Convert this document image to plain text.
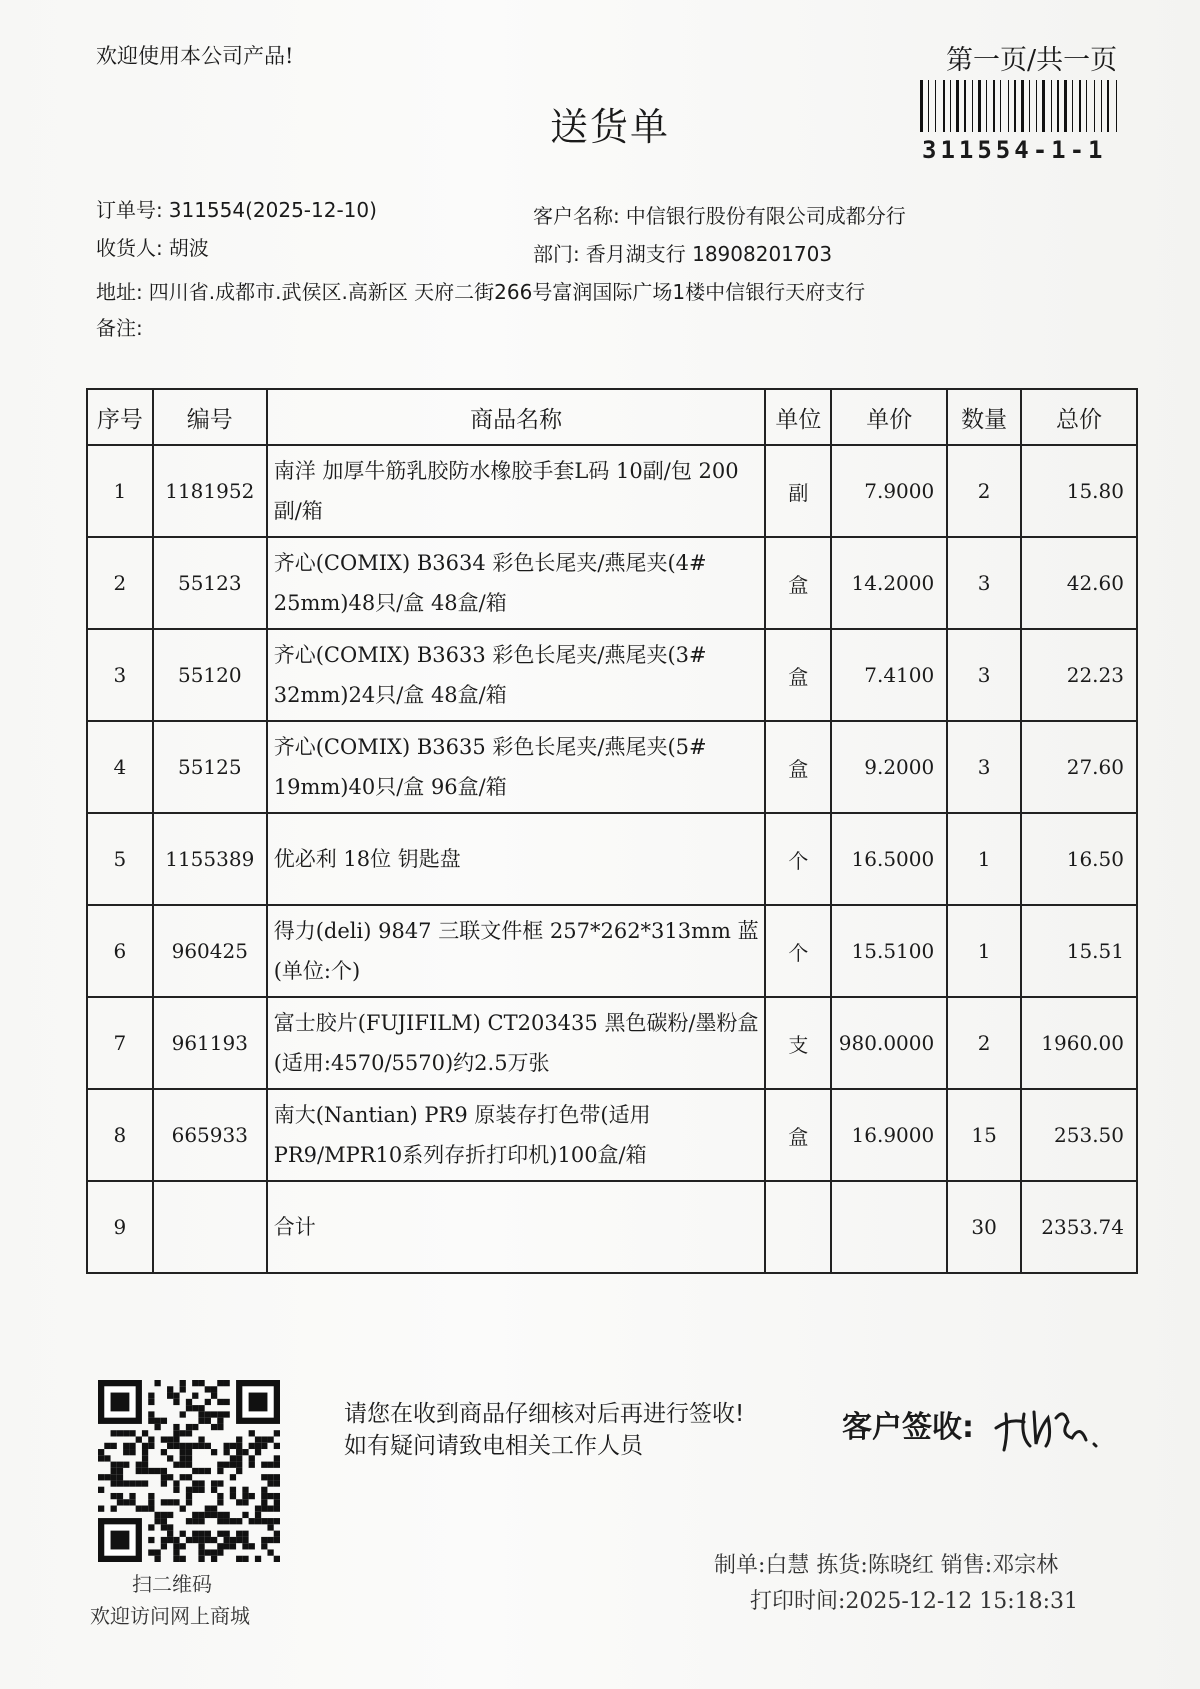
欢迎使用本公司产品!	第一页/共一页
送货单
311554-1-1
订单号: 311554(2025-12-10)	客户名称: 中信银行股份有限公司成都分行
收货人: 胡波	部门: 香月湖支行 18908201703
地址: 四川省.成都市.武侯区.高新区 天府二街266号富润国际广场1楼中信银行天府支行
备注:
序号	编号	商品名称	单位	单价	数量	总价
1	1181952	南洋 加厚牛筋乳胶防水橡胶手套L码 10副/包 200副/箱	副	7.9000	2	15.80
2	55123	齐心(COMIX) B3634 彩色长尾夹/燕尾夹(4# 25mm)48只/盒 48盒/箱	盒	14.2000	3	42.60
3	55120	齐心(COMIX) B3633 彩色长尾夹/燕尾夹(3# 32mm)24只/盒 48盒/箱	盒	7.4100	3	22.23
4	55125	齐心(COMIX) B3635 彩色长尾夹/燕尾夹(5# 19mm)40只/盒 96盒/箱	盒	9.2000	3	27.60
5	1155389	优必利 18位 钥匙盘	个	16.5000	1	16.50
6	960425	得力(deli) 9847 三联文件框 257*262*313mm 蓝(单位:个)	个	15.5100	1	15.51
7	961193	富士胶片(FUJIFILM) CT203435 黑色碳粉/墨粉盒(适用:4570/5570)约2.5万张	支	980.0000	2	1960.00
8	665933	南大(Nantian) PR9 原装存打色带(适用PR9/MPR10系列存折打印机)100盒/箱	盒	16.9000	15	253.50
9		合计			30	2353.74
扫二维码
欢迎访问网上商城
请您在收到商品仔细核对后再进行签收!如有疑问请致电相关工作人员
客户签收:
制单:白慧 拣货:陈晓红 销售:邓宗林
打印时间:2025-12-12 15:18:31
